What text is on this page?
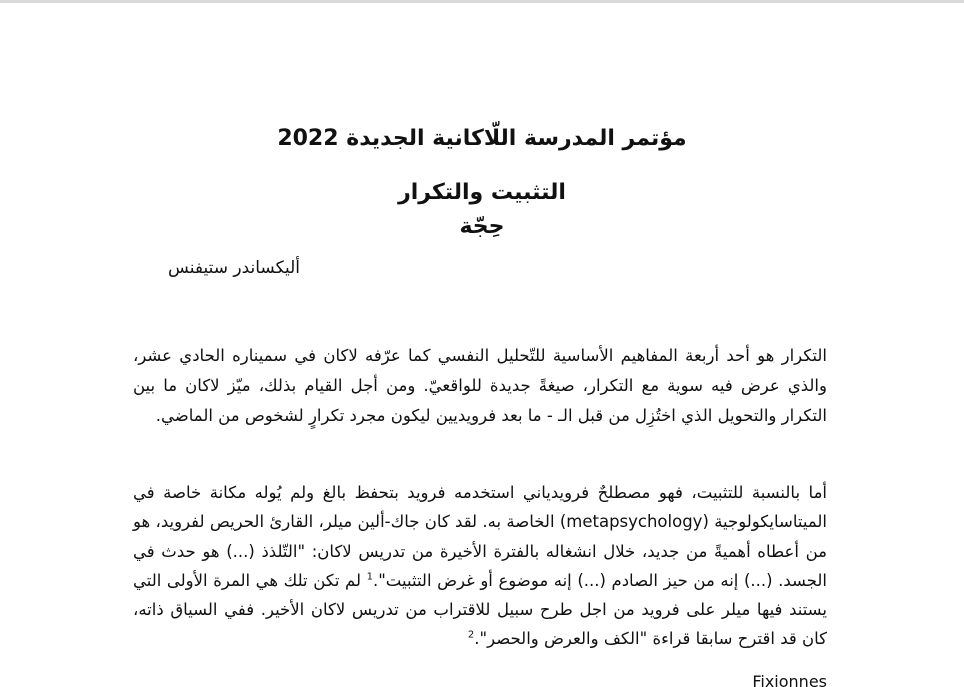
مؤتمر المدرسة اللّاكانية الجديدة 2022
التثبيت والتكرار
حِجّة

أليكساندر ستيفنس

التكرار هو أحد أربعة المفاهيم الأساسية للتّحليل النفسي كما عرّفه لاكان في سميناره الحادي عشر، والذي عرض فيه سوية مع التكرار، صيغةً جديدة للواقعيّ. ومن أجل القيام بذلك، ميّز لاكان ما بين التكرار والتحويل الذي اختُزِل من قبل الـ - ما بعد فرويديين ليكون مجرد تكرارٍ لشخوص من الماضي.

أما بالنسبة للتثبيت، فهو مصطلحٌ فرويدياني استخدمه فرويد بتحفظ بالغ ولم يُوله مكانة خاصة في الميتاسايكولوجية (metapsychology) الخاصة به. لقد كان جاك-ألين ميلر، القارئ الحريص لفرويد، هو من أعطاه أهميةً من جديد، خلال انشغاله بالفترة الأخيرة من تدريس لاكان: "التّلذذ (...) هو حدث في الجسد. (...) إنه من حيز الصادم (...) إنه موضوع أو غرض التثبيت".$^1$ لم تكن تلك هي المرة الأولى التي يستند فيها ميلر على فرويد من اجل طرح سبيل للاقتراب من تدريس لاكان الأخير. ففي السياق ذاته، كان قد اقترح سابقا قراءة "الكف والعرض والحصر".$^2$

Fixionnes
